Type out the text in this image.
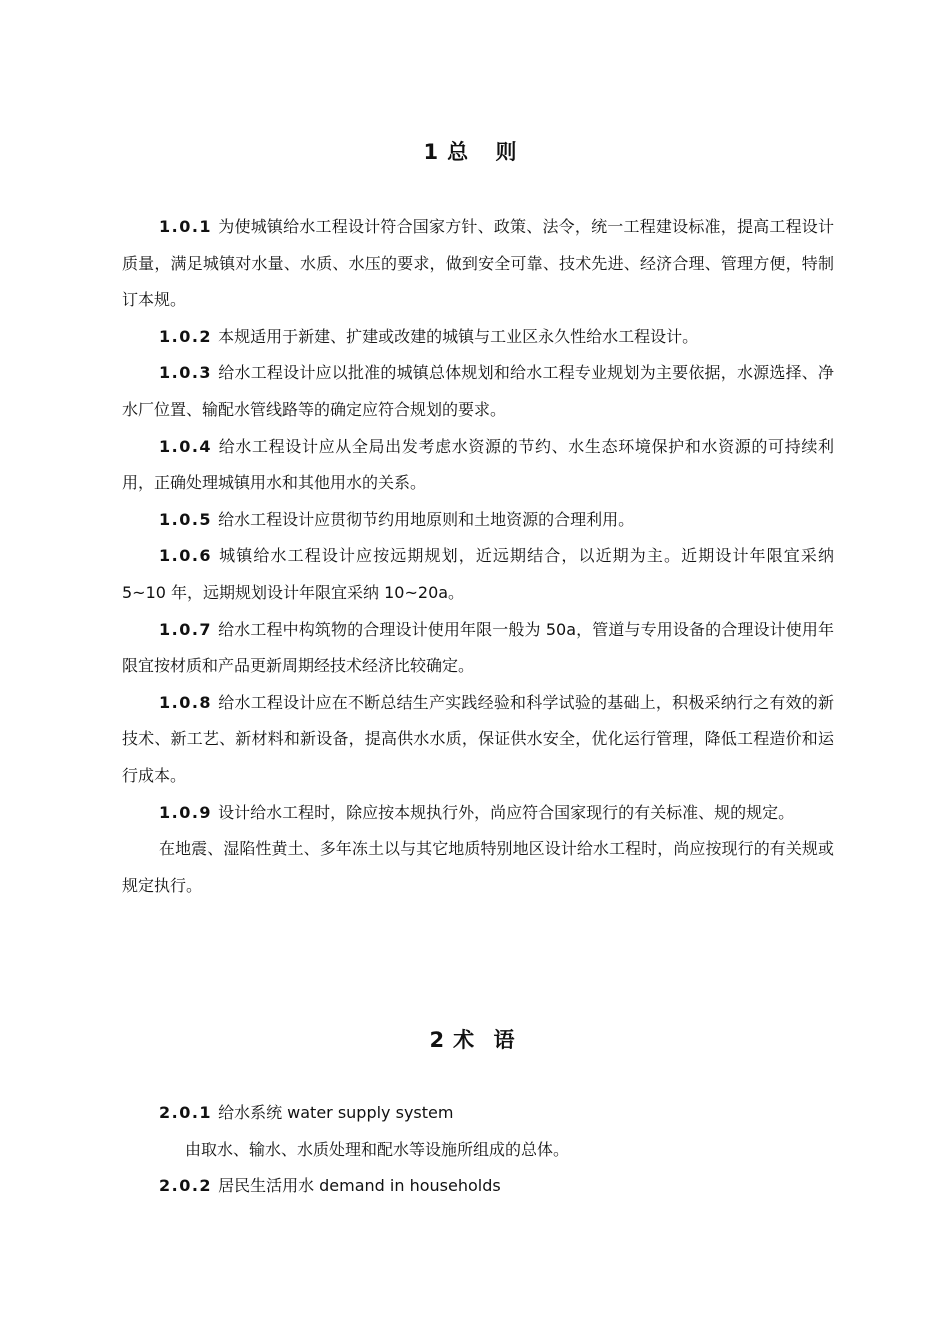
1 总 则

1.0.1 为使城镇给水工程设计符合国家方针、政策、法令，统一工程建设标准，提高工程设计质量，满足城镇对水量、水质、水压的要求，做到安全可靠、技术先进、经济合理、管理方便，特制订本规。

1.0.2 本规适用于新建、扩建或改建的城镇与工业区永久性给水工程设计。

1.0.3 给水工程设计应以批准的城镇总体规划和给水工程专业规划为主要依据，水源选择、净水厂位置、输配水管线路等的确定应符合规划的要求。

1.0.4 给水工程设计应从全局出发考虑水资源的节约、水生态环境保护和水资源的可持续利用，正确处理城镇用水和其他用水的关系。

1.0.5 给水工程设计应贯彻节约用地原则和土地资源的合理利用。

1.0.6 城镇给水工程设计应按远期规划，近远期结合，以近期为主。近期设计年限宜采纳 5~10 年，远期规划设计年限宜采纳 10~20a。

1.0.7 给水工程中构筑物的合理设计使用年限一般为 50a，管道与专用设备的合理设计使用年限宜按材质和产品更新周期经技术经济比较确定。

1.0.8 给水工程设计应在不断总结生产实践经验和科学试验的基础上，积极采纳行之有效的新技术、新工艺、新材料和新设备，提高供水水质，保证供水安全，优化运行管理，降低工程造价和运行成本。

1.0.9 设计给水工程时，除应按本规执行外，尚应符合国家现行的有关标准、规的规定。

在地震、湿陷性黄土、多年冻土以与其它地质特别地区设计给水工程时，尚应按现行的有关规或规定执行。

2 术 语

2.0.1 给水系统 water supply system

由取水、输水、水质处理和配水等设施所组成的总体。

2.0.2 居民生活用水 demand in households
